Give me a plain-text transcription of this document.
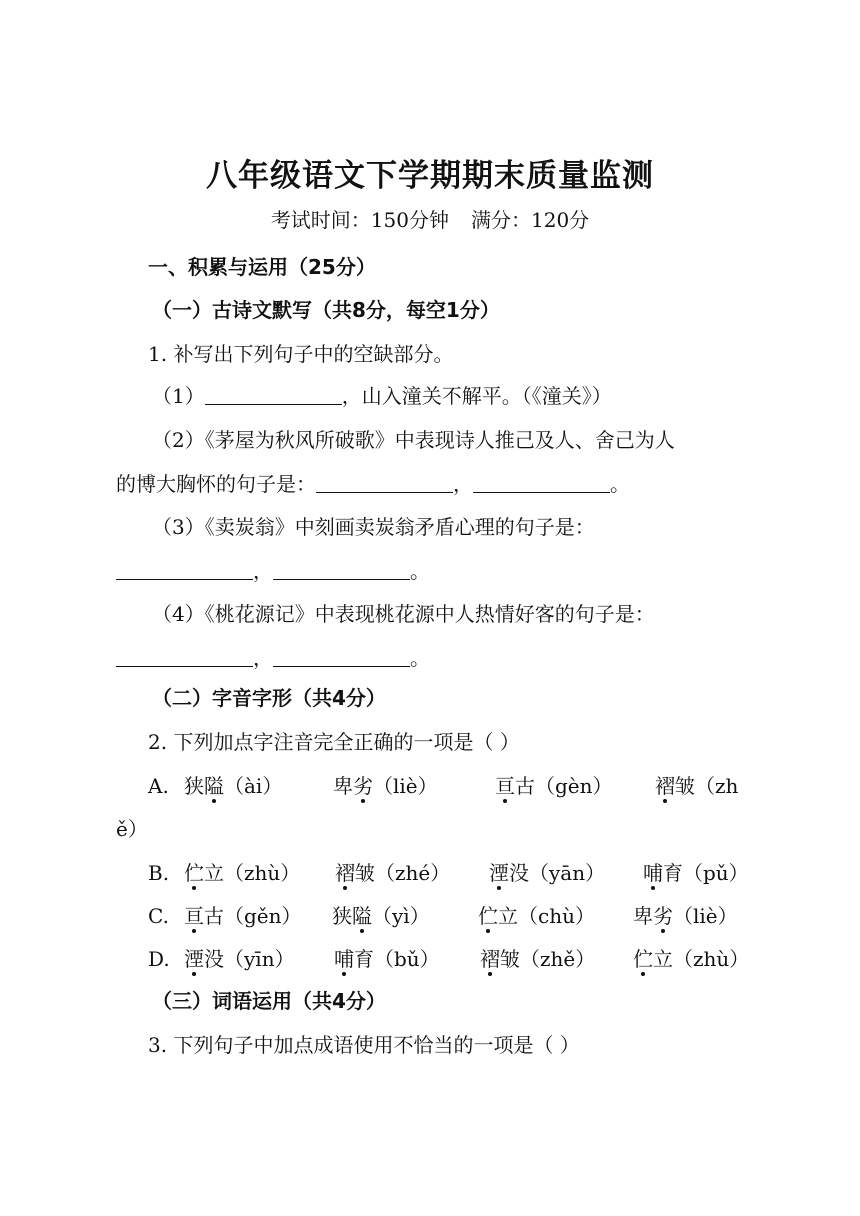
八年级语文下学期期末质量监测
考试时间：150分钟 满分：120分
一、积累与运用（25分）
（一）古诗文默写（共8分，每空1分）
1. 补写出下列句子中的空缺部分。
（1）	，山入潼关不解平。（《潼关》）
（2）《茅屋为秋风所破歌》中表现诗人推己及人、舍己为人
的博大胸怀的句子是：	，	。
（3）《卖炭翁》中刻画卖炭翁矛盾心理的句子是：
，	。
（4）《桃花源记》中表现桃花源中人热情好客的句子是：
，	。
（二）字音字形（共4分）
2. 下列加点字注音完全正确的一项是（ ）
A. 狭隘（ài）	卑劣（liè）	亘古（gèn） 褶皱（zh
ě）
B. 伫立（zhù） 褶皱（zhé） 湮没（yān） 哺育（pǔ）
C. 亘古（gěn） 狭隘（yì） 伫立（chù） 卑劣（liè）
D. 湮没（yīn） 哺育（bǔ） 褶皱（zhě） 伫立（zhù）
（三）词语运用（共4分）
3. 下列句子中加点成语使用不恰当的一项是（ ）
